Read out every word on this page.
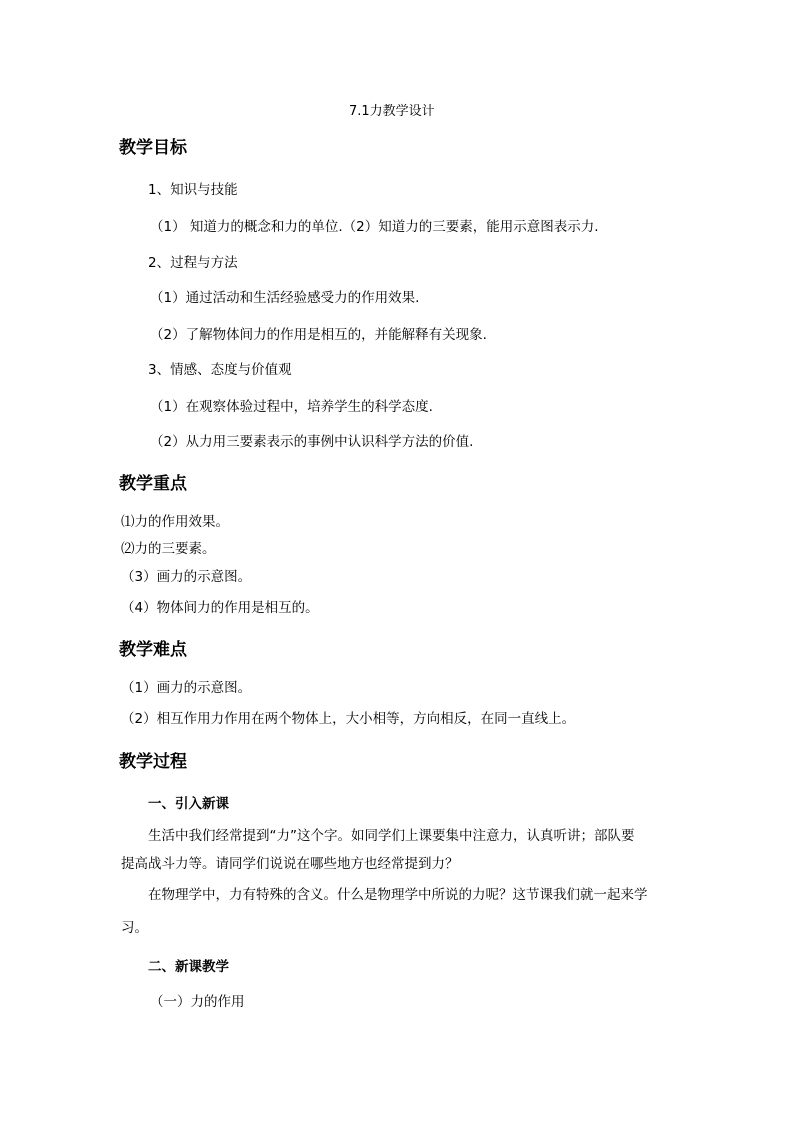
7.1力教学设计

教学目标

1、知识与技能

（1） 知道力的概念和力的单位.（2）知道力的三要素，能用示意图表示力.

2、过程与方法

（1）通过活动和生活经验感受力的作用效果.

（2）了解物体间力的作用是相互的，并能解释有关现象.

3、情感、态度与价值观

（1）在观察体验过程中，培养学生的科学态度.

（2）从力用三要素表示的事例中认识科学方法的价值.

教学重点

⑴力的作用效果。

⑵力的三要素。

（3）画力的示意图。

（4）物体间力的作用是相互的。

教学难点

（1）画力的示意图。

（2）相互作用力作用在两个物体上，大小相等，方向相反，在同一直线上。

教学过程

一、引入新课

生活中我们经常提到“力”这个字。如同学们上课要集中注意力，认真听讲；部队要

提高战斗力等。请同学们说说在哪些地方也经常提到力？

在物理学中，力有特殊的含义。什么是物理学中所说的力呢？这节课我们就一起来学

习。

二、新课教学

（一）力的作用
